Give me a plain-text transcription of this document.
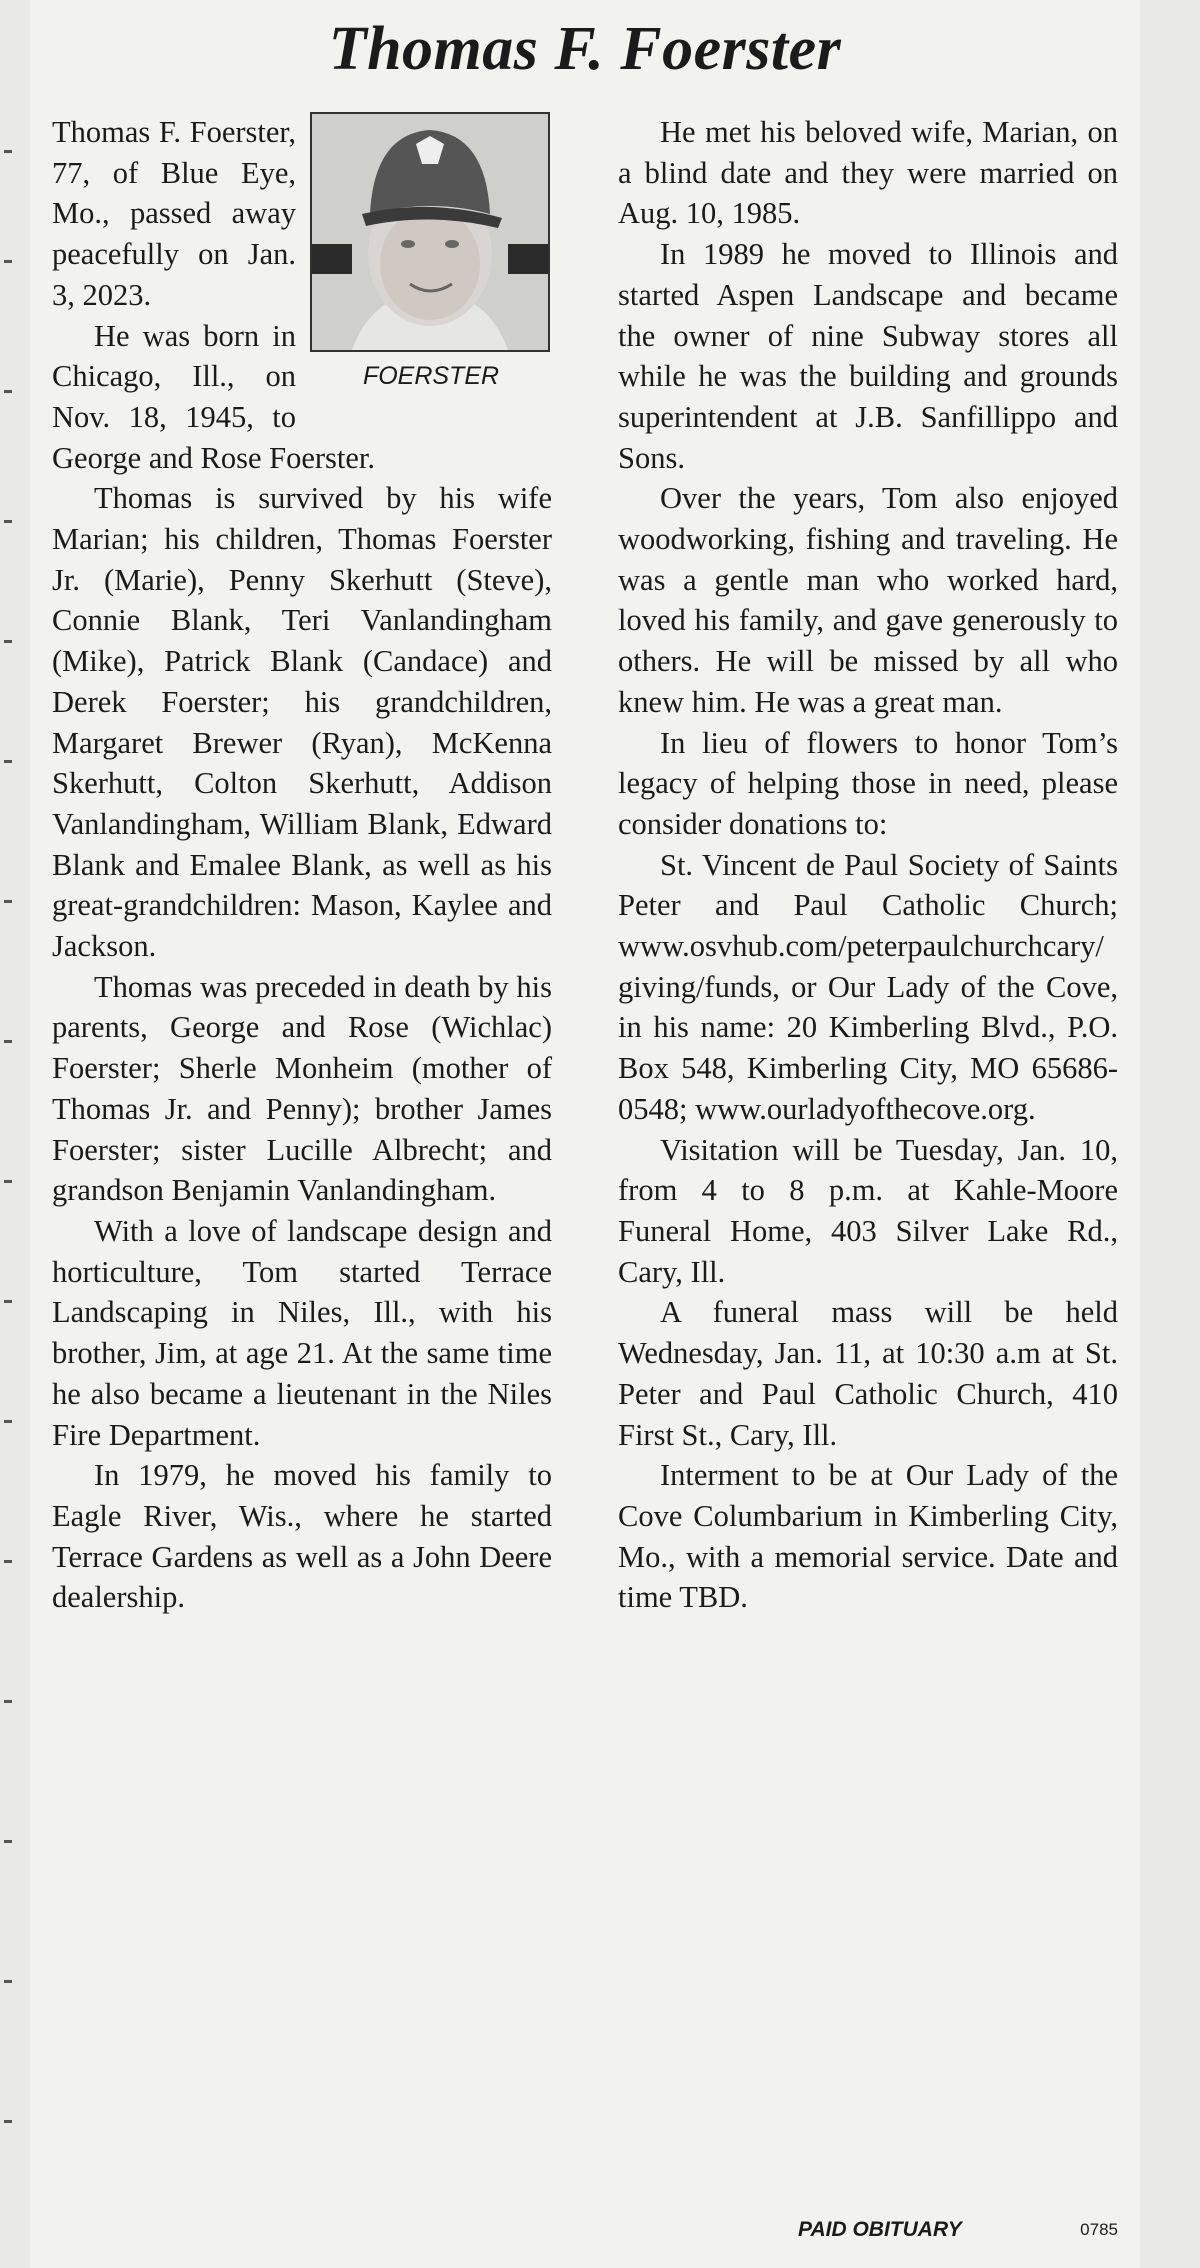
Thomas F. Foerster

FOERSTER
Thomas F. Foerster, 77, of Blue Eye, Mo., passed away peacefully on Jan. 3, 2023.

He was born in Chicago, Ill., on Nov. 18, 1945, to George and Rose Foerster.

Thomas is survived by his wife Marian; his children, Thomas Foerster Jr. (Marie), Penny Skerhutt (Steve), Connie Blank, Teri Vanlandingham (Mike), Patrick Blank (Candace) and Derek Foerster; his grandchildren, Margaret Brewer (Ryan), McKenna Skerhutt, Colton Skerhutt, Addison Vanlandingham, William Blank, Edward Blank and Emalee Blank, as well as his great-grandchildren: Mason, Kaylee and Jackson.

Thomas was preceded in death by his parents, George and Rose (Wichlac) Foerster; Sherle Monheim (mother of Thomas Jr. and Penny); brother James Foerster; sister Lucille Albrecht; and grandson Benjamin Vanlandingham.

With a love of landscape design and horticulture, Tom started Terrace Landscaping in Niles, Ill., with his brother, Jim, at age 21. At the same time he also became a lieutenant in the Niles Fire Department.

In 1979, he moved his family to Eagle River, Wis., where he started Terrace Gardens as well as a John Deere dealership.

He met his beloved wife, Marian, on a blind date and they were married on Aug. 10, 1985.

In 1989 he moved to Illinois and started Aspen Landscape and became the owner of nine Subway stores all while he was the building and grounds superintendent at J.B. Sanfillippo and Sons.

Over the years, Tom also enjoyed woodworking, fishing and traveling. He was a gentle man who worked hard, loved his family, and gave generously to others. He will be missed by all who knew him. He was a great man.

In lieu of flowers to honor Tom’s legacy of helping those in need, please consider donations to:

St. Vincent de Paul Society of Saints Peter and Paul Catholic Church; www.osvhub.com/peterpaulchurchcary/giving/funds, or Our Lady of the Cove, in his name: 20 Kimberling Blvd., P.O. Box 548, Kimberling City, MO 65686-0548; www.ourladyofthecove.org.

Visitation will be Tuesday, Jan. 10, from 4 to 8 p.m. at Kahle-Moore Funeral Home, 403 Silver Lake Rd., Cary, Ill.

A funeral mass will be held Wednesday, Jan. 11, at 10:30 a.m at St. Peter and Paul Catholic Church, 410 First St., Cary, Ill.

Interment to be at Our Lady of the Cove Columbarium in Kimberling City, Mo., with a memorial service. Date and time TBD.

PAID OBITUARY	0785
